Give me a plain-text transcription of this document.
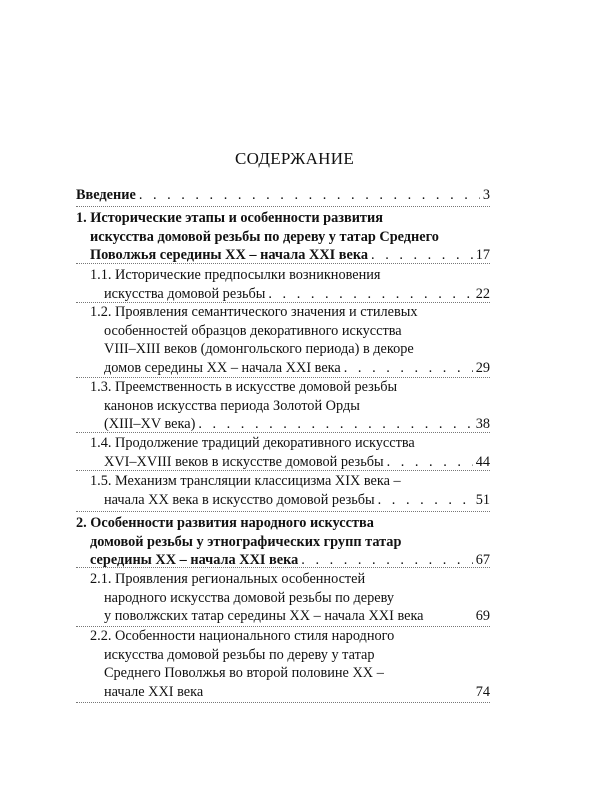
СОДЕРЖАНИЕ
Введение . . .	3
1. Исторические этапы и особенности развития
искусства домовой резьбы по дереву у татар Среднего
Поволжья середины XX – начала XXI века . . .	17
1.1. Исторические предпосылки возникновения
искусства домовой резьбы . . .	22
1.2. Проявления семантического значения и стилевых
особенностей образцов декоративного искусства
VIII–XIII веков (домонгольского периода) в декоре
домов середины XX – начала XXI века . . .	29
1.3. Преемственность в искусстве домовой резьбы
канонов искусства периода Золотой Орды
(XIII–XV века) . . .	38
1.4. Продолжение традиций декоративного искусства
XVI–XVIII веков в искусстве домовой резьбы . . .	44
1.5. Механизм трансляции классицизма XIX века –
начала XX века в искусство домовой резьбы . . .	51
2. Особенности развития народного искусства
домовой резьбы у этнографических групп татар
середины XX – начала XXI века . . .	67
2.1. Проявления региональных особенностей
народного искусства домовой резьбы по дереву
у поволжских татар середины XX – начала XXI века	69
2.2. Особенности национального стиля народного
искусства домовой резьбы по дереву у татар
Среднего Поволжья во второй половине XX –
начале XXI века	74
